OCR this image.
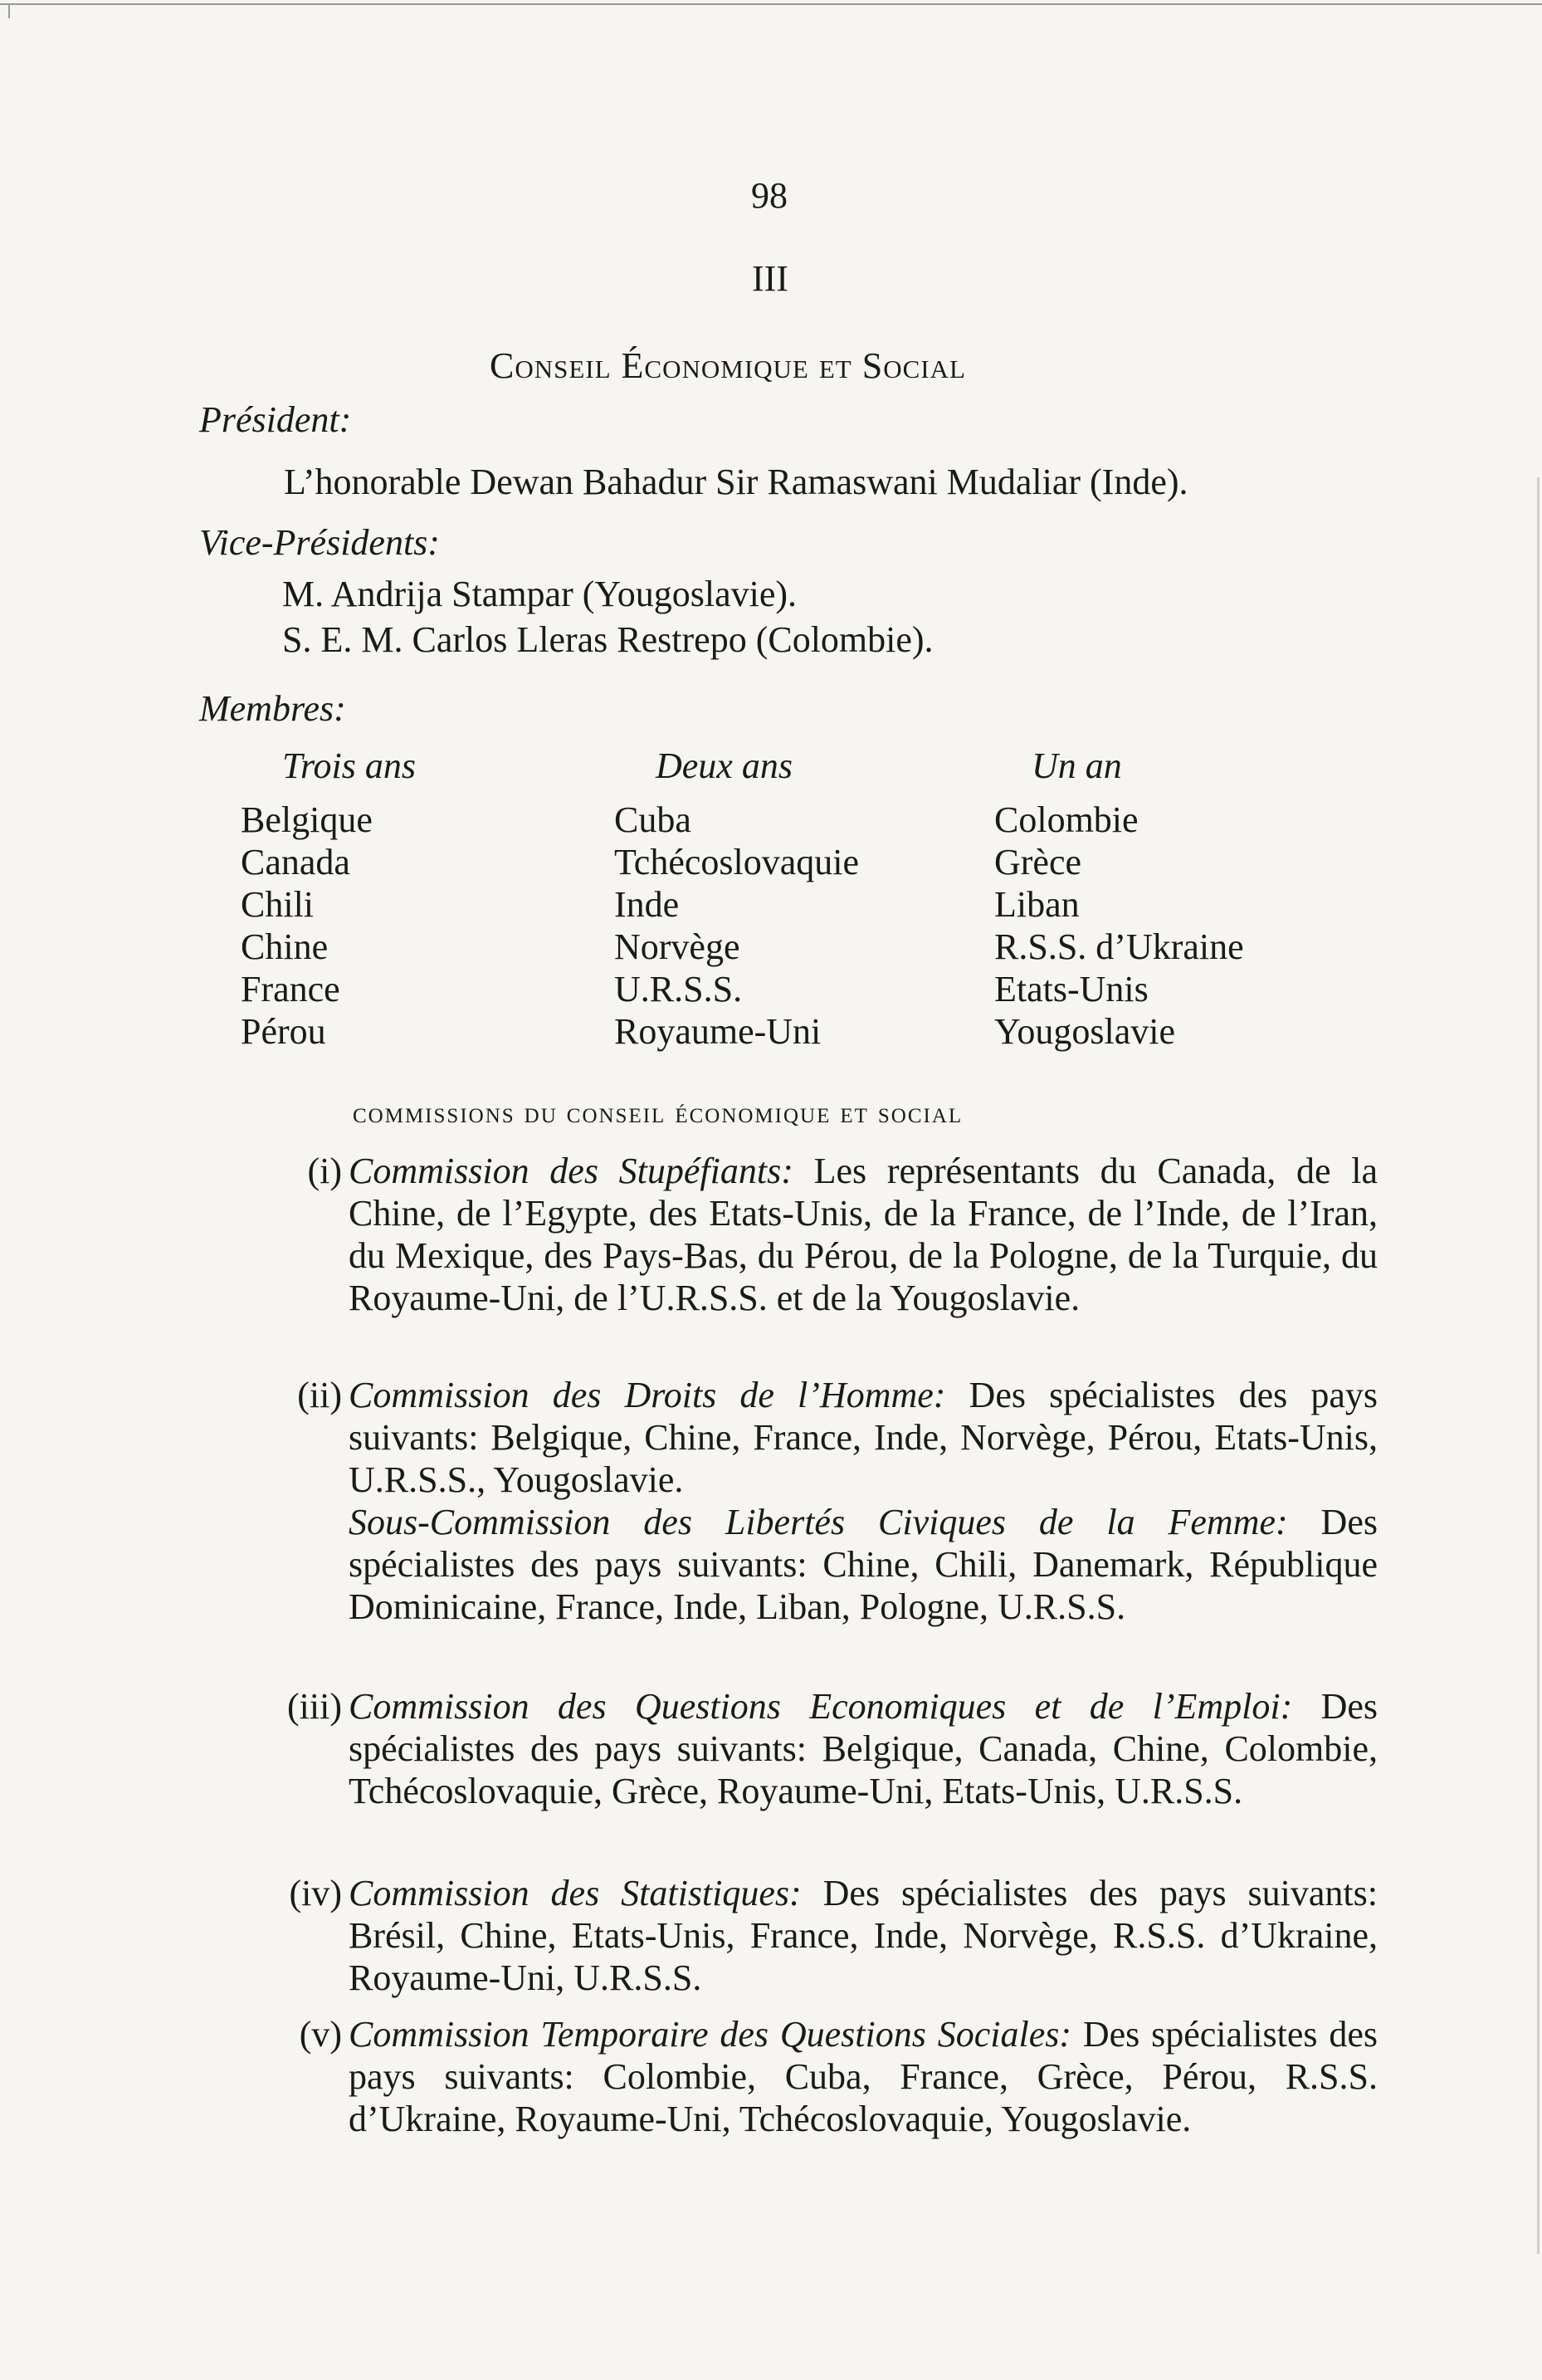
98
III
Conseil Économique et Social
Président:
L’honorable Dewan Bahadur Sir Ramaswani Mudaliar (Inde).
Vice-Présidents:
M. Andrija Stampar (Yougoslavie).
S. E. M. Carlos Lleras Restrepo (Colombie).
Membres:
Trois ans
Belgique
Canada
Chili
Chine
France
Pérou
Deux ans
Cuba
Tchécoslovaquie
Inde
Norvège
U.R.S.S.
Royaume-Uni
Un an
Colombie
Grèce
Liban
R.S.S. d’Ukraine
Etats-Unis
Yougoslavie
commissions du conseil économique et social
(i) Commission des Stupéfiants: Les représentants du Canada, de la Chine, de l’Egypte, des Etats-Unis, de la France, de l’Inde, de l’Iran, du Mexique, des Pays-Bas, du Pérou, de la Pologne, de la Turquie, du Royaume-Uni, de l’U.R.S.S. et de la Yougoslavie.

(ii) Commission des Droits de l’Homme: Des spécialistes des pays suivants: Belgique, Chine, France, Inde, Norvège, Pérou, Etats-Unis, U.R.S.S., Yougoslavie.

Sous-Commission des Libertés Civiques de la Femme: Des spécialistes des pays suivants: Chine, Chili, Danemark, République Dominicaine, France, Inde, Liban, Pologne, U.R.S.S.

(iii) Commission des Questions Economiques et de l’Emploi: Des spécialistes des pays suivants: Belgique, Canada, Chine, Colombie, Tchécoslovaquie, Grèce, Royaume-Uni, Etats-Unis, U.R.S.S.

(iv) Commission des Statistiques: Des spécialistes des pays suivants: Brésil, Chine, Etats-Unis, France, Inde, Norvège, R.S.S. d’Ukraine, Royaume-Uni, U.R.S.S.

(v) Commission Temporaire des Questions Sociales: Des spécialistes des pays suivants: Colombie, Cuba, France, Grèce, Pérou, R.S.S. d’Ukraine, Royaume-Uni, Tchécoslovaquie, Yougoslavie.
